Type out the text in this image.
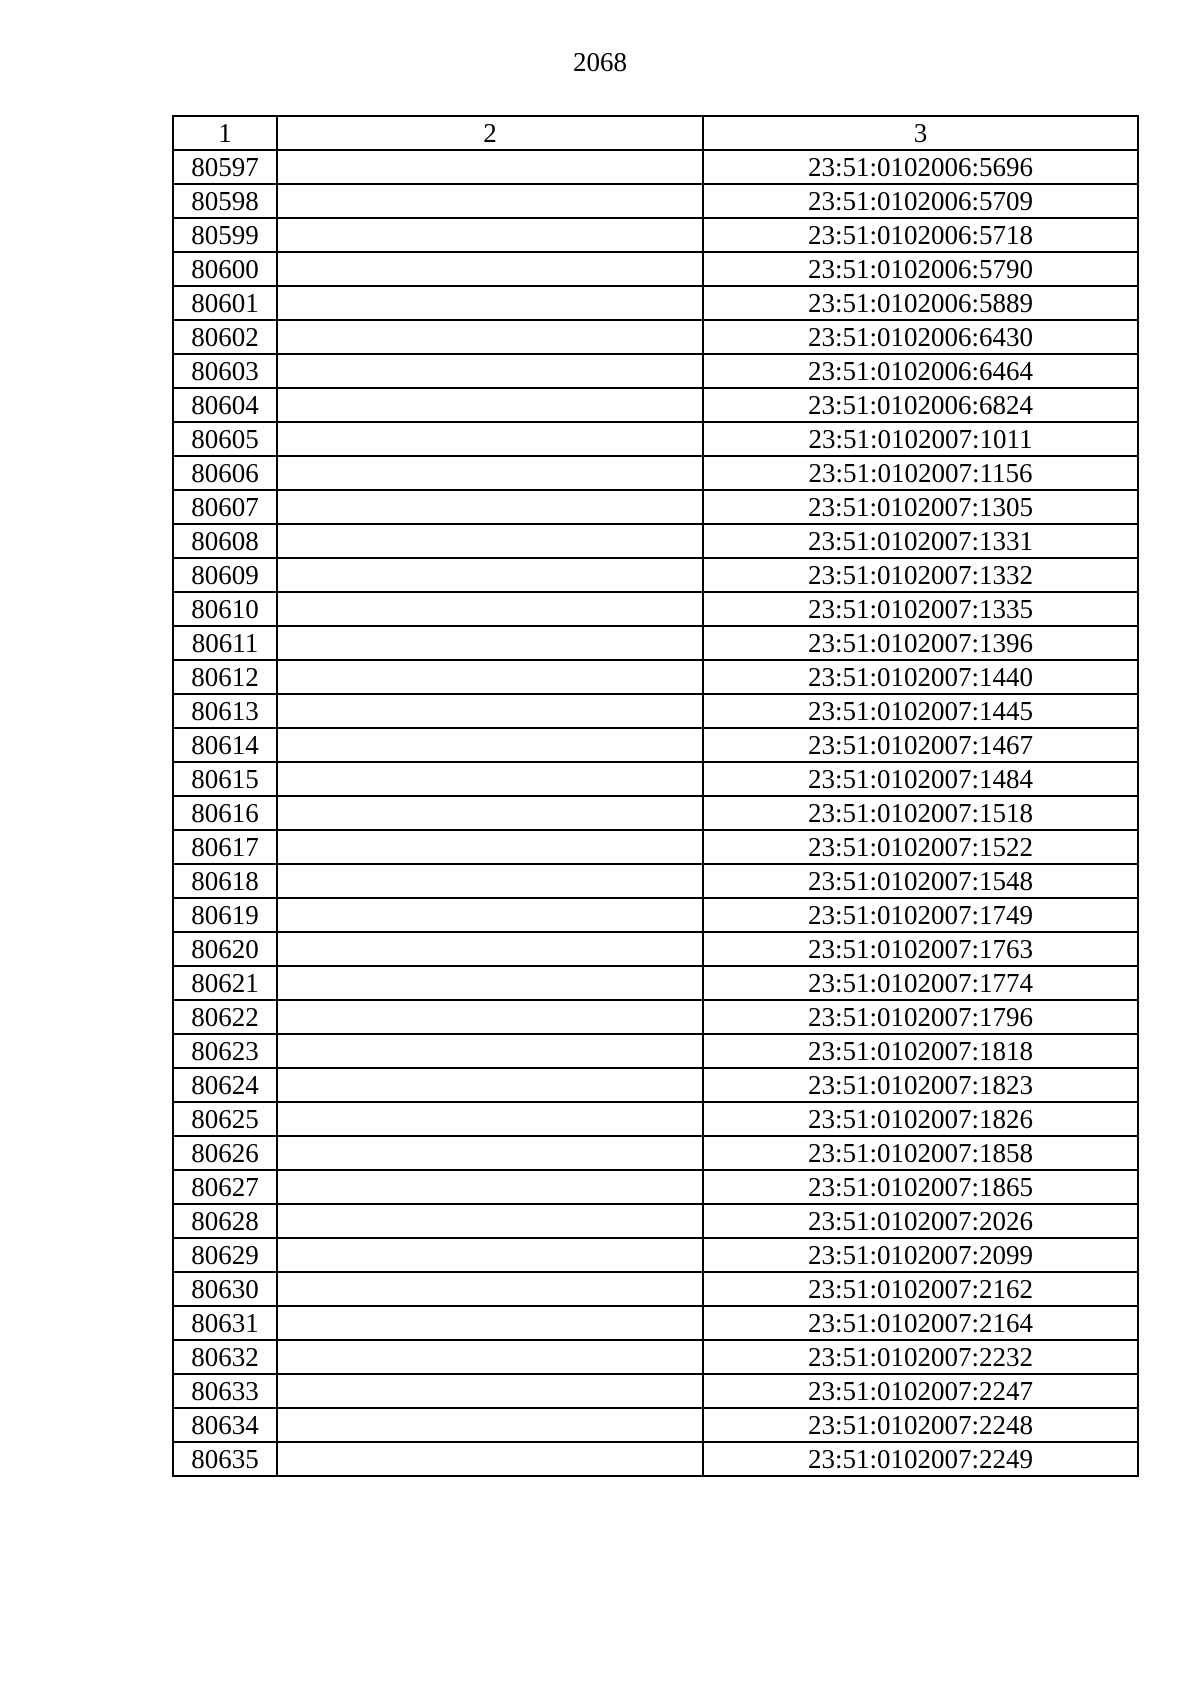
2068
1	2	3
80597		23:51:0102006:5696
80598		23:51:0102006:5709
80599		23:51:0102006:5718
80600		23:51:0102006:5790
80601		23:51:0102006:5889
80602		23:51:0102006:6430
80603		23:51:0102006:6464
80604		23:51:0102006:6824
80605		23:51:0102007:1011
80606		23:51:0102007:1156
80607		23:51:0102007:1305
80608		23:51:0102007:1331
80609		23:51:0102007:1332
80610		23:51:0102007:1335
80611		23:51:0102007:1396
80612		23:51:0102007:1440
80613		23:51:0102007:1445
80614		23:51:0102007:1467
80615		23:51:0102007:1484
80616		23:51:0102007:1518
80617		23:51:0102007:1522
80618		23:51:0102007:1548
80619		23:51:0102007:1749
80620		23:51:0102007:1763
80621		23:51:0102007:1774
80622		23:51:0102007:1796
80623		23:51:0102007:1818
80624		23:51:0102007:1823
80625		23:51:0102007:1826
80626		23:51:0102007:1858
80627		23:51:0102007:1865
80628		23:51:0102007:2026
80629		23:51:0102007:2099
80630		23:51:0102007:2162
80631		23:51:0102007:2164
80632		23:51:0102007:2232
80633		23:51:0102007:2247
80634		23:51:0102007:2248
80635		23:51:0102007:2249
